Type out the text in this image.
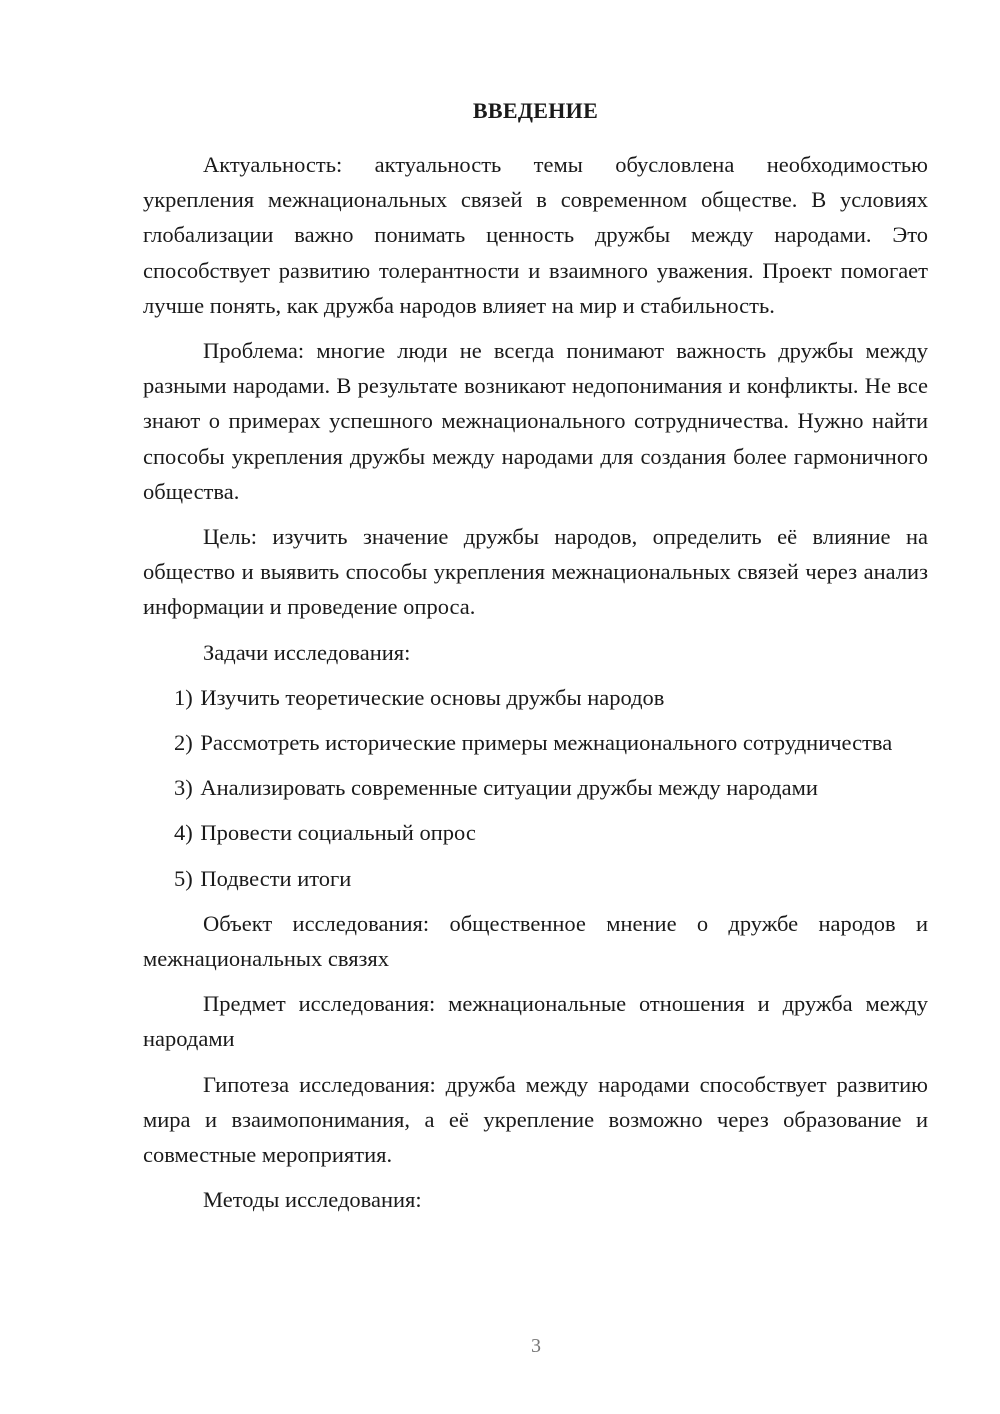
ВВЕДЕНИЕ

Актуальность: актуальность темы обусловлена необходимостью укрепления межнациональных связей в современном обществе. В условиях глобализации важно понимать ценность дружбы между народами. Это способствует развитию толерантности и взаимного уважения. Проект помогает лучше понять, как дружба народов влияет на мир и стабильность.

Проблема: многие люди не всегда понимают важность дружбы между разными народами. В результате возникают недопонимания и конфликты. Не все знают о примерах успешного межнационального сотрудничества. Нужно найти способы укрепления дружбы между народами для создания более гармоничного общества.

Цель: изучить значение дружбы народов, определить её влияние на общество и выявить способы укрепления межнациональных связей через анализ информации и проведение опроса.

Задачи исследования:

1) Изучить теоретические основы дружбы народов

2) Рассмотреть исторические примеры межнационального сотрудничества

3) Анализировать современные ситуации дружбы между народами

4) Провести социальный опрос

5) Подвести итоги

Объект исследования: общественное мнение о дружбе народов и межнациональных связях

Предмет исследования: межнациональные отношения и дружба между народами

Гипотеза исследования: дружба между народами способствует развитию мира и взаимопонимания, а её укрепление возможно через образование и совместные мероприятия.

Методы исследования:

3
